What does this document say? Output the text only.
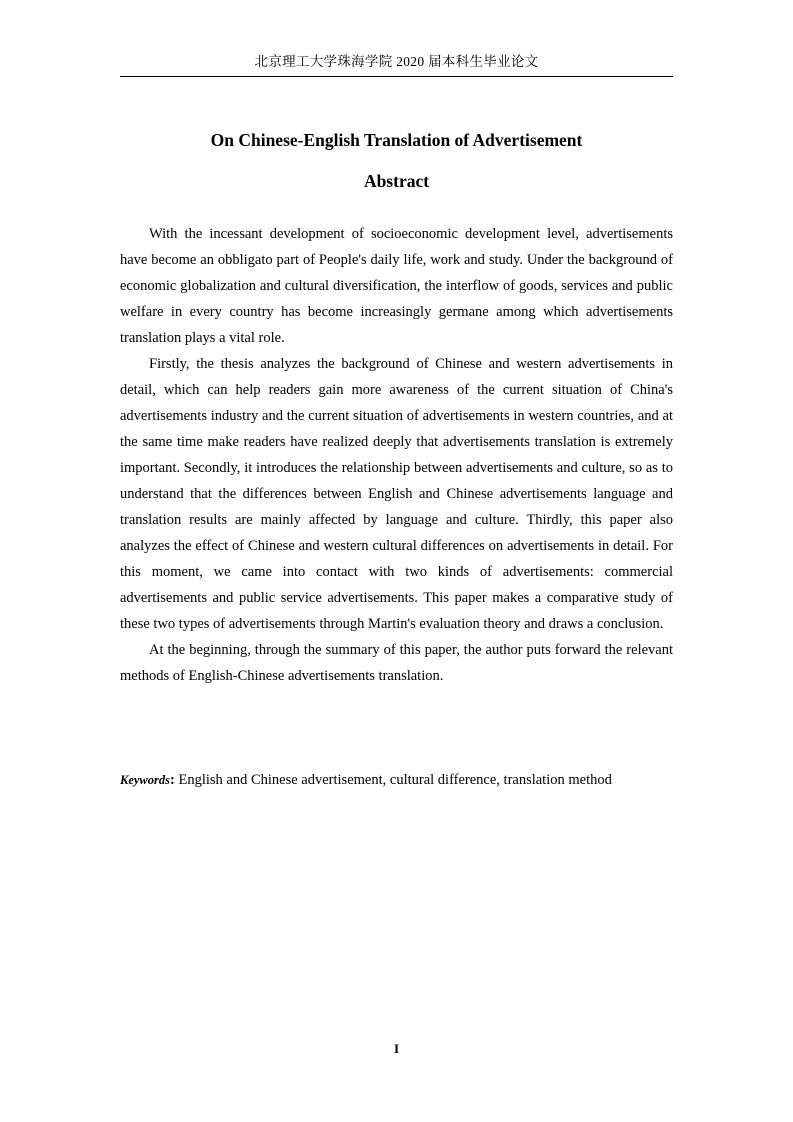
北京理工大学珠海学院 2020 届本科生毕业论文
On Chinese-English Translation of Advertisement
Abstract

With the incessant development of socioeconomic development level, advertisements have become an obbligato part of People's daily life, work and study. Under the background of economic globalization and cultural diversification, the interflow of goods, services and public welfare in every country has become increasingly germane among which advertisements translation plays a vital role.

Firstly, the thesis analyzes the background of Chinese and western advertisements in detail, which can help readers gain more awareness of the current situation of China's advertisements industry and the current situation of advertisements in western countries, and at the same time make readers have realized deeply that advertisements translation is extremely important. Secondly, it introduces the relationship between advertisements and culture, so as to understand that the differences between English and Chinese advertisements language and translation results are mainly affected by language and culture. Thirdly, this paper also analyzes the effect of Chinese and western cultural differences on advertisements in detail. For this moment, we came into contact with two kinds of advertisements: commercial advertisements and public service advertisements. This paper makes a comparative study of these two types of advertisements through Martin's evaluation theory and draws a conclusion.

At the beginning, through the summary of this paper, the author puts forward the relevant methods of English-Chinese advertisements translation.

Keywords: English and Chinese advertisement, cultural difference, translation method
I
